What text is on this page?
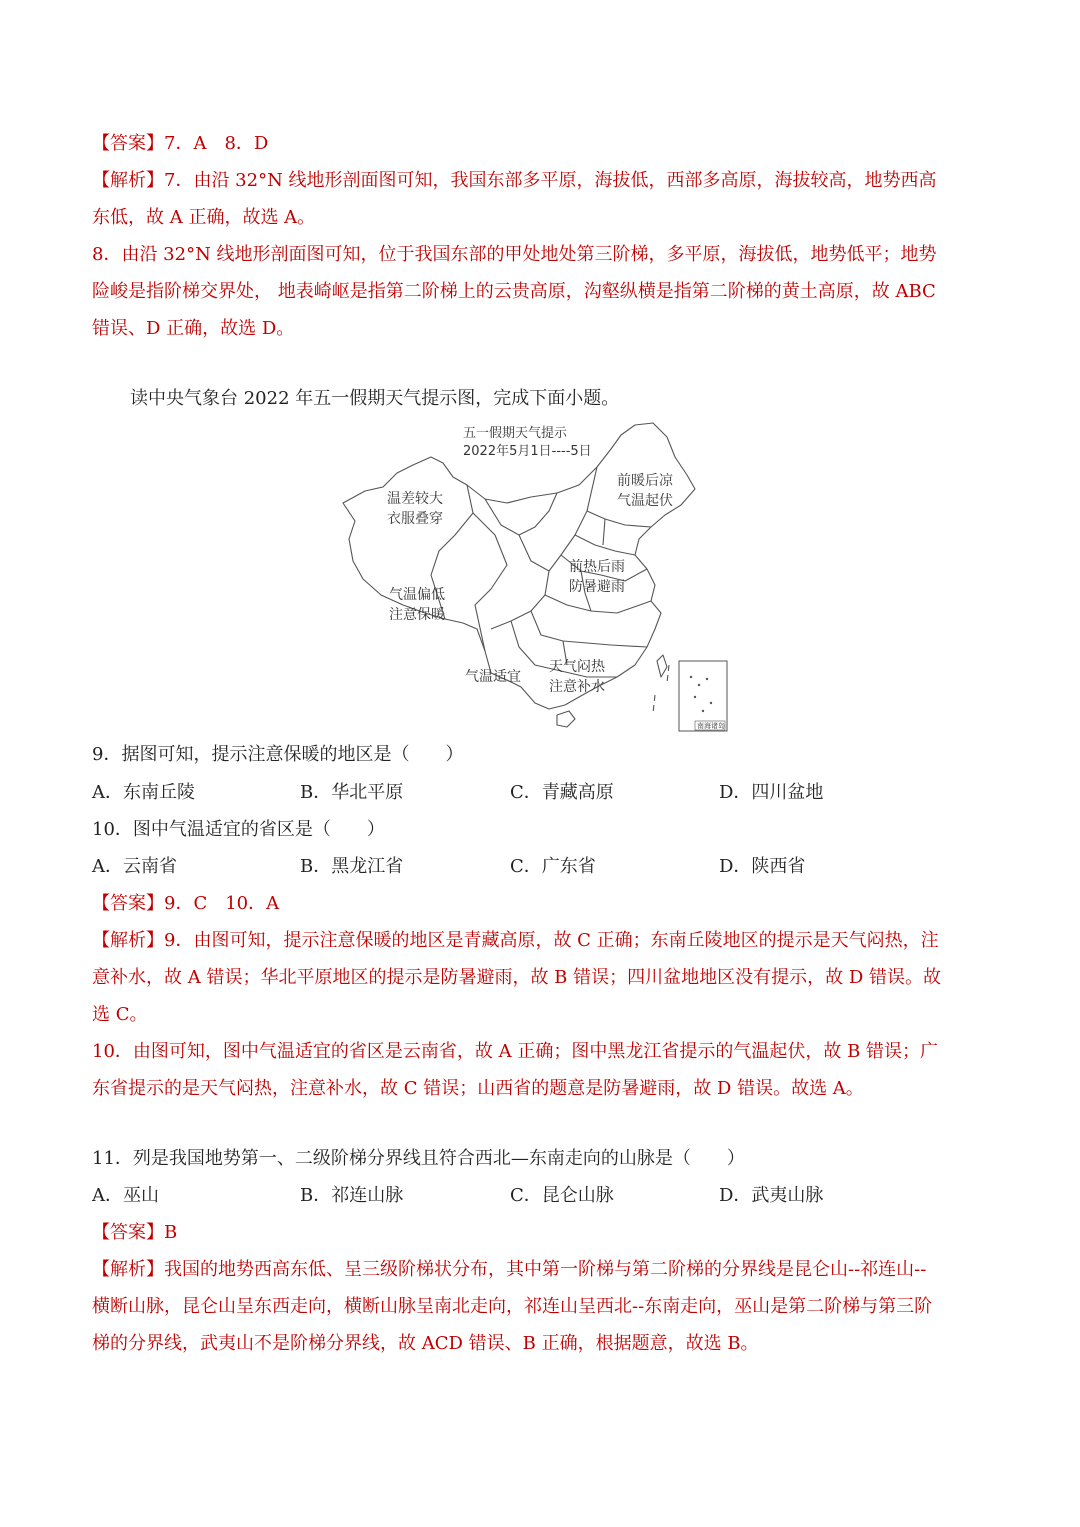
【答案】7．A　8．D
【解析】7．由沿 32°N 线地形剖面图可知，我国东部多平原，海拔低，西部多高原，海拔较高，地势西高
东低，故 A 正确，故选 A。
8．由沿 32°N 线地形剖面图可知，位于我国东部的甲处地处第三阶梯，多平原，海拔低，地势低平；地势
险峻是指阶梯交界处， 地表崎岖是指第二阶梯上的云贵高原，沟壑纵横是指第二阶梯的黄土高原，故 ABC
错误、D 正确，故选 D。
读中央气象台 2022 年五一假期天气提示图，完成下面小题。
南海诸岛
五一假期天气提示
2022年5月1日----5日
温差较大
衣服叠穿
前暖后凉
气温起伏
气温偏低
注意保暖
前热后雨
防暑避雨
气温适宜
天气闷热
注意补水
9．据图可知，提示注意保暖的地区是（　　）
A．东南丘陵	B．华北平原	C．青藏高原	D．四川盆地
10．图中气温适宜的省区是（　　）
A．云南省	B．黑龙江省	C．广东省	D．陕西省
【答案】9．C　10．A
【解析】9．由图可知，提示注意保暖的地区是青藏高原，故 C 正确；东南丘陵地区的提示是天气闷热，注
意补水，故 A 错误；华北平原地区的提示是防暑避雨，故 B 错误；四川盆地地区没有提示，故 D 错误。故
选 C。
10．由图可知，图中气温适宜的省区是云南省，故 A 正确；图中黑龙江省提示的气温起伏，故 B 错误；广
东省提示的是天气闷热，注意补水，故 C 错误；山西省的题意是防暑避雨，故 D 错误。故选 A。
11．列是我国地势第一、二级阶梯分界线且符合西北—东南走向的山脉是（　　）
A．巫山	B．祁连山脉	C．昆仑山脉	D．武夷山脉
【答案】B
【解析】我国的地势西高东低、呈三级阶梯状分布，其中第一阶梯与第二阶梯的分界线是昆仑山--祁连山--
横断山脉，昆仑山呈东西走向，横断山脉呈南北走向，祁连山呈西北--东南走向，巫山是第二阶梯与第三阶
梯的分界线，武夷山不是阶梯分界线，故 ACD 错误、B 正确，根据题意，故选 B。
